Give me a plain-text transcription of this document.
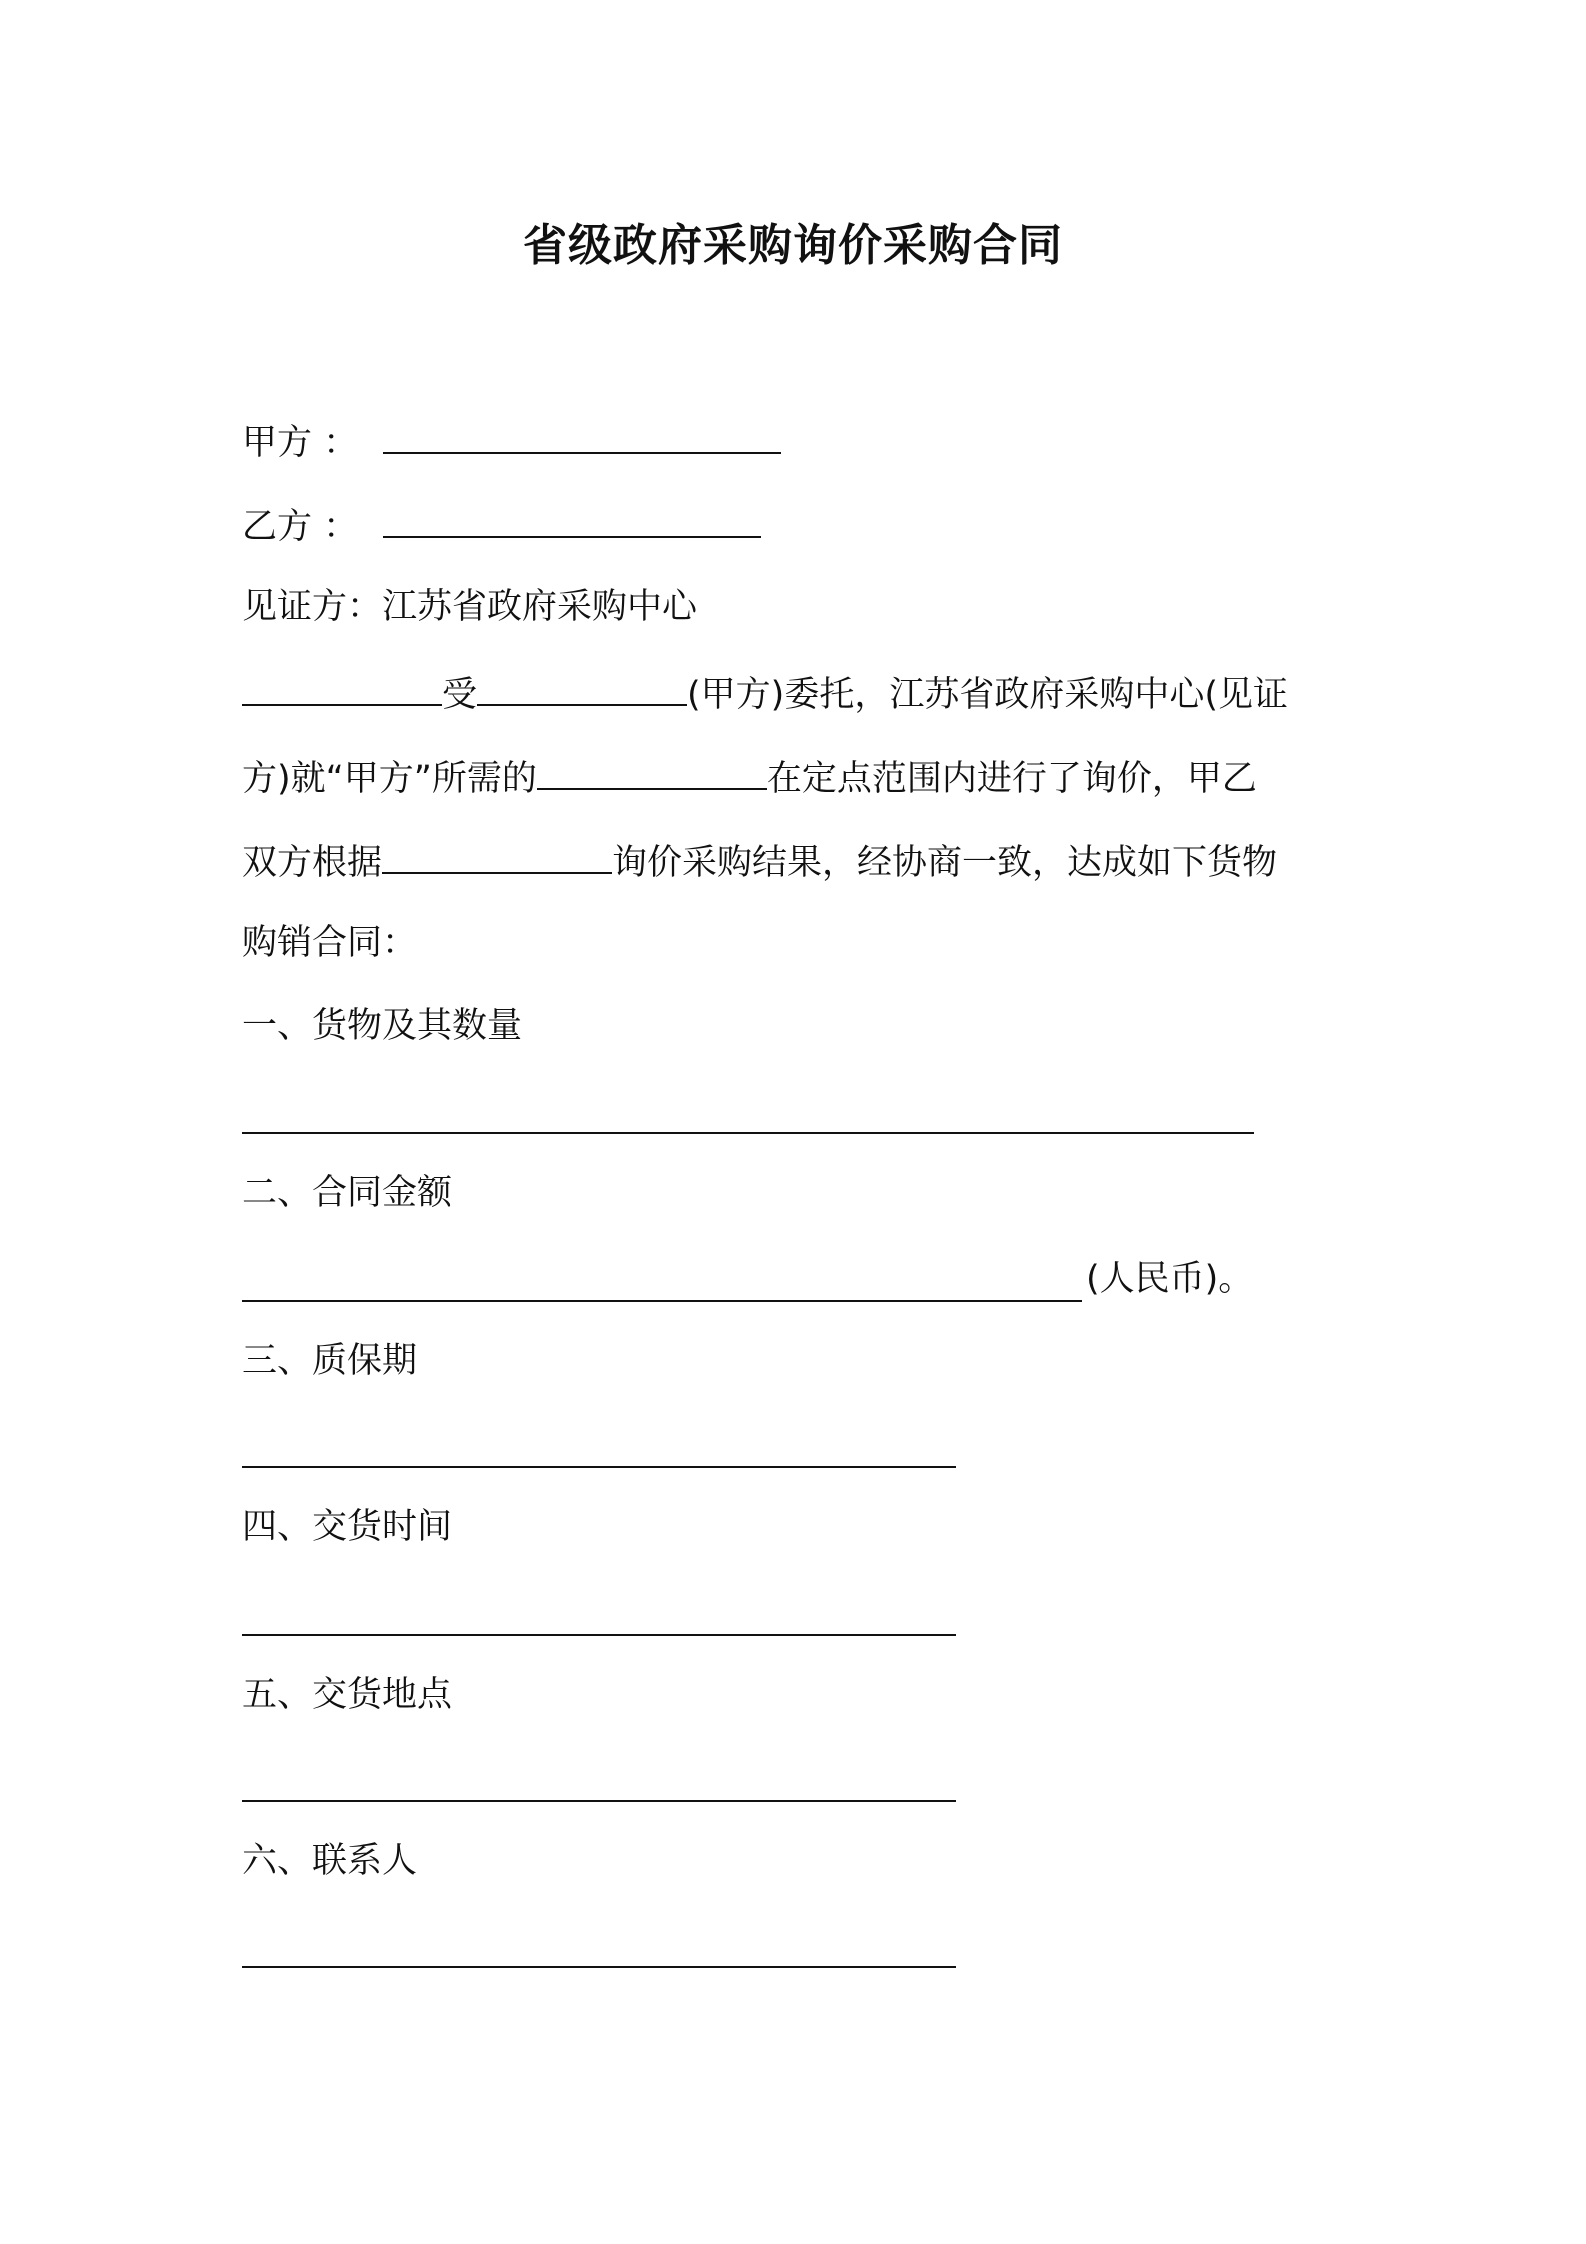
省级政府采购询价采购合同
甲方 ：
乙方 ：
见证方：江苏省政府采购中心
受	(甲方)委托，江苏省政府采购中心(见证
方)就“甲方”所需的	在定点范围内进行了询价，甲乙
双方根据	询价采购结果，经协商一致，达成如下货物
购销合同：
一、货物及其数量
二、合同金额
(人民币)。
三、质保期
四、交货时间
五、交货地点
六、联系人
